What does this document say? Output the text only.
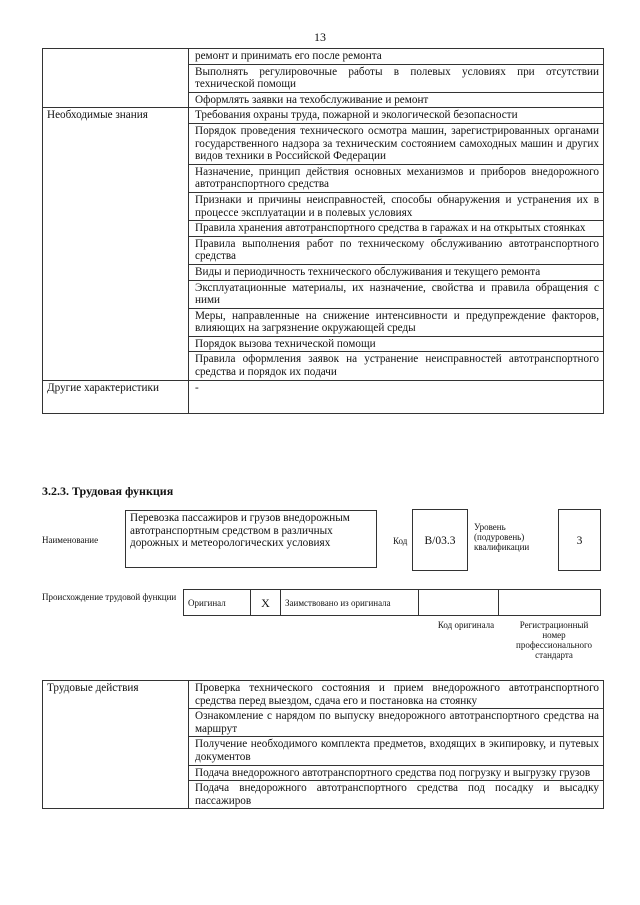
13
	ремонт и принимать его после ремонта
	Выполнять регулировочные работы в полевых условиях при отсутствии технической помощи
	Оформлять заявки на техобслуживание и ремонт
Необходимые знания	Требования охраны труда, пожарной и экологической безопасности
	Порядок проведения технического осмотра машин, зарегистрированных органами государственного надзора за техническим состоянием самоходных машин и других видов техники в Российской Федерации
	Назначение, принцип действия основных механизмов и приборов внедорожного автотранспортного средства
	Признаки и причины неисправностей, способы обнаружения и устранения их в процессе эксплуатации и в полевых условиях
	Правила хранения автотранспортного средства в гаражах и на открытых стоянках
	Правила выполнения работ по техническому обслуживанию автотранспортного средства
	Виды и периодичность технического обслуживания и текущего ремонта
	Эксплуатационные материалы, их назначение, свойства и правила обращения с ними
	Меры, направленные на снижение интенсивности и предупреждение факторов, влияющих на загрязнение окружающей среды
	Порядок вызова технической помощи
	Правила оформления заявок на устранение неисправностей автотранспортного средства и порядок их подачи
Другие характеристики	-
3.2.3. Трудовая функция
Наименование
Перевозка пассажиров и грузов внедорожным автотранспортным средством в различных дорожных и метеорологических условиях	Код	B/03.3
Уровень (подуровень) квалификации	3
Происхождение трудовой функции
Оригинал	X	Заимствовано из оригинала
Код оригинала	Регистрационный номер профессионального стандарта
Трудовые действия	Проверка технического состояния и прием внедорожного автотранспортного средства перед выездом, сдача его и постановка на стоянку
Ознакомление с нарядом по выпуску внедорожного автотранспортного средства на маршрут
Получение необходимого комплекта предметов, входящих в экипировку, и путевых документов
Подача внедорожного автотранспортного средства под погрузку и выгрузку грузов
Подача внедорожного автотранспортного средства под посадку и высадку пассажиров
